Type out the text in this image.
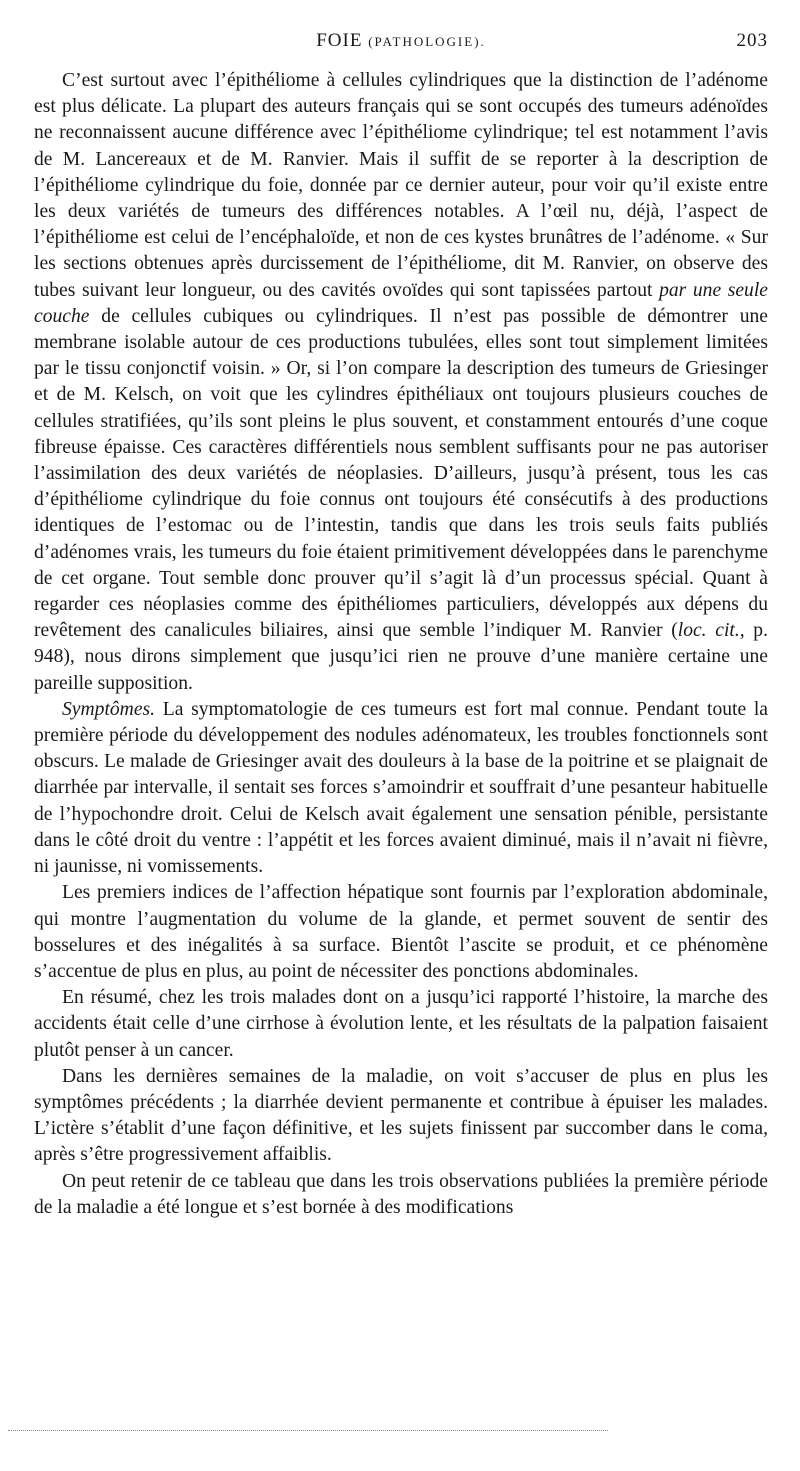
FOIE (PATHOLOGIE).	203

C’est surtout avec l’épithéliome à cellules cylindriques que la distinction de l’adénome est plus délicate. La plupart des auteurs français qui se sont occupés des tumeurs adénoïdes ne reconnaissent aucune différence avec l’épithéliome cylindrique; tel est notamment l’avis de M. Lancereaux et de M. Ranvier. Mais il suffit de se reporter à la description de l’épithéliome cylindrique du foie, donnée par ce dernier auteur, pour voir qu’il existe entre les deux variétés de tumeurs des différences notables. A l’œil nu, déjà, l’aspect de l’épithéliome est celui de l’encéphaloïde, et non de ces kystes brunâtres de l’adénome. « Sur les sections obtenues après durcissement de l’épithéliome, dit M. Ranvier, on observe des tubes suivant leur longueur, ou des cavités ovoïdes qui sont tapissées partout par une seule couche de cellules cubiques ou cylindriques. Il n’est pas possible de démontrer une membrane isolable autour de ces productions tubulées, elles sont tout simplement limitées par le tissu conjonctif voisin. » Or, si l’on compare la description des tumeurs de Griesinger et de M. Kelsch, on voit que les cylindres épithéliaux ont toujours plusieurs couches de cellules stratifiées, qu’ils sont pleins le plus souvent, et constamment entourés d’une coque fibreuse épaisse. Ces caractères différentiels nous semblent suffisants pour ne pas autoriser l’assimilation des deux variétés de néoplasies. D’ailleurs, jusqu’à présent, tous les cas d’épithéliome cylindrique du foie connus ont toujours été consécutifs à des productions identiques de l’estomac ou de l’intestin, tandis que dans les trois seuls faits publiés d’adénomes vrais, les tumeurs du foie étaient primitivement développées dans le parenchyme de cet organe. Tout semble donc prouver qu’il s’agit là d’un processus spécial. Quant à regarder ces néoplasies comme des épithéliomes particuliers, développés aux dépens du revêtement des canalicules biliaires, ainsi que semble l’indiquer M. Ranvier (loc. cit., p. 948), nous dirons simplement que jusqu’ici rien ne prouve d’une manière certaine une pareille supposition.

Symptômes. La symptomatologie de ces tumeurs est fort mal connue. Pendant toute la première période du développement des nodules adénomateux, les troubles fonctionnels sont obscurs. Le malade de Griesinger avait des douleurs à la base de la poitrine et se plaignait de diarrhée par intervalle, il sentait ses forces s’amoindrir et souffrait d’une pesanteur habituelle de l’hypochondre droit. Celui de Kelsch avait également une sensation pénible, persistante dans le côté droit du ventre : l’appétit et les forces avaient diminué, mais il n’avait ni fièvre, ni jaunisse, ni vomissements.

Les premiers indices de l’affection hépatique sont fournis par l’exploration abdominale, qui montre l’augmentation du volume de la glande, et permet souvent de sentir des bosselures et des inégalités à sa surface. Bientôt l’ascite se produit, et ce phénomène s’accentue de plus en plus, au point de nécessiter des ponctions abdominales.

En résumé, chez les trois malades dont on a jusqu’ici rapporté l’histoire, la marche des accidents était celle d’une cirrhose à évolution lente, et les résultats de la palpation faisaient plutôt penser à un cancer.

Dans les dernières semaines de la maladie, on voit s’accuser de plus en plus les symptômes précédents ; la diarrhée devient permanente et contribue à épuiser les malades. L’ictère s’établit d’une façon définitive, et les sujets finissent par succomber dans le coma, après s’être progressivement affaiblis.

On peut retenir de ce tableau que dans les trois observations publiées la première période de la maladie a été longue et s’est bornée à des modifications
